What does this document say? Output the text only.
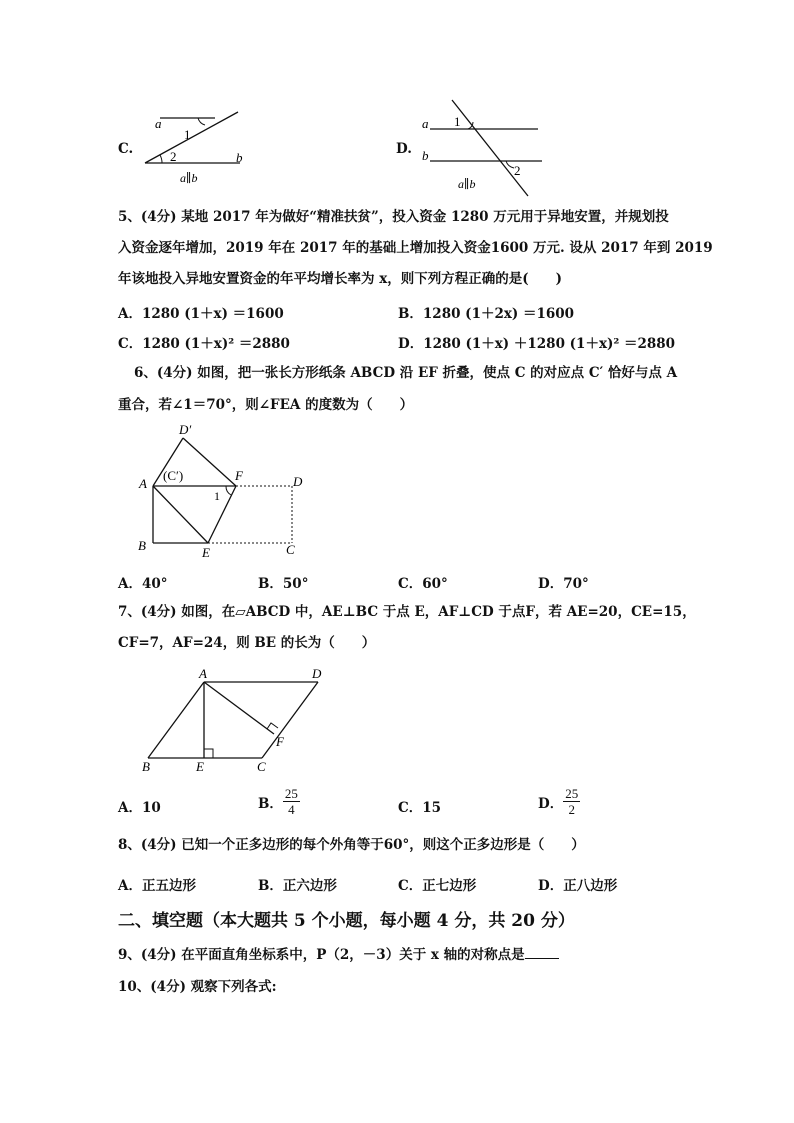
C.
a
1
2	b
a∥b
D.
a 1
b
2
a∥b
5、(4分) 某地 2017 年为做好“精准扶贫”，投入资金 1280 万元用于异地安置，并规划投
入资金逐年增加，2019 年在 2017 年的基础上增加投入资金1600 万元. 设从 2017 年到 2019
年该地投入异地安置资金的年平均增长率为 x，则下列方程正确的是(　　)
A．1280 (1＋x) ＝1600	B．1280 (1＋2x) ＝1600
C．1280 (1＋x)² ＝2880	D．1280 (1＋x) ＋1280 (1＋x)² ＝2880
6、(4分) 如图，把一张长方形纸条 ABCD 沿 EF 折叠，使点 C 的对应点 C′ 恰好与点 A
重合，若∠1＝70°，则∠FEA 的度数为（　　）
D′
A
(C′)	F	D
1
B	E	C
A．40°	B．50°	C．60°	D．70°
7、(4分) 如图，在▱ABCD 中，AE⊥BC 于点 E，AF⊥CD 于点F，若 AE=20，CE=15，
CF=7，AF=24，则 BE 的长为（　　）
A	D
F
B	E	C
A．10	B． $\frac{25}{4}$	C．15	D． $\frac{25}{2}$
8、(4分) 已知一个正多边形的每个外角等于60°，则这个正多边形是（　　）
A．正五边形	B．正六边形	C．正七边形	D．正八边形
二、填空题（本大题共 5 个小题，每小题 4 分，共 20 分）
9、(4分) 在平面直角坐标系中，P（2，－3）关于 x 轴的对称点是
10、(4分) 观察下列各式:
